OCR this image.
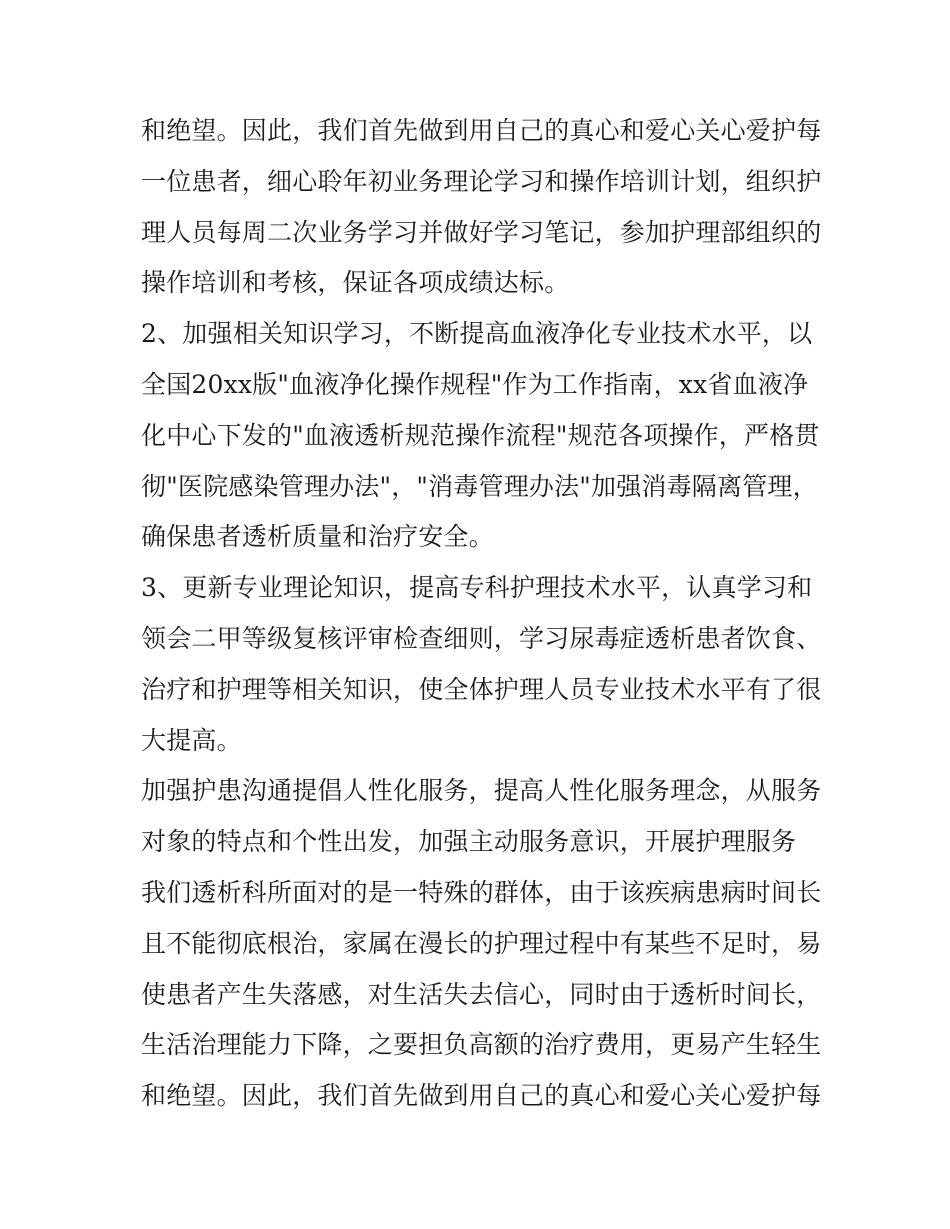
和绝望。因此，我们首先做到用自己的真心和爱心关心爱护每
一位患者，细心聆年初业务理论学习和操作培训计划，组织护
理人员每周二次业务学习并做好学习笔记，参加护理部组织的
操作培训和考核，保证各项成绩达标。
2、加强相关知识学习，不断提高血液净化专业技术水平，以
全国20xx版"血液净化操作规程"作为工作指南，xx省血液净
化中心下发的"血液透析规范操作流程"规范各项操作，严格贯
彻"医院感染管理办法"，"消毒管理办法"加强消毒隔离管理，
确保患者透析质量和治疗安全。
3、更新专业理论知识，提高专科护理技术水平，认真学习和
领会二甲等级复核评审检查细则，学习尿毒症透析患者饮食、
治疗和护理等相关知识，使全体护理人员专业技术水平有了很
大提高。
加强护患沟通提倡人性化服务，提高人性化服务理念，从服务
对象的特点和个性出发，加强主动服务意识，开展护理服务
我们透析科所面对的是一特殊的群体，由于该疾病患病时间长
且不能彻底根治，家属在漫长的护理过程中有某些不足时，易
使患者产生失落感，对生活失去信心，同时由于透析时间长，
生活治理能力下降，之要担负高额的治疗费用，更易产生轻生
和绝望。因此，我们首先做到用自己的真心和爱心关心爱护每
